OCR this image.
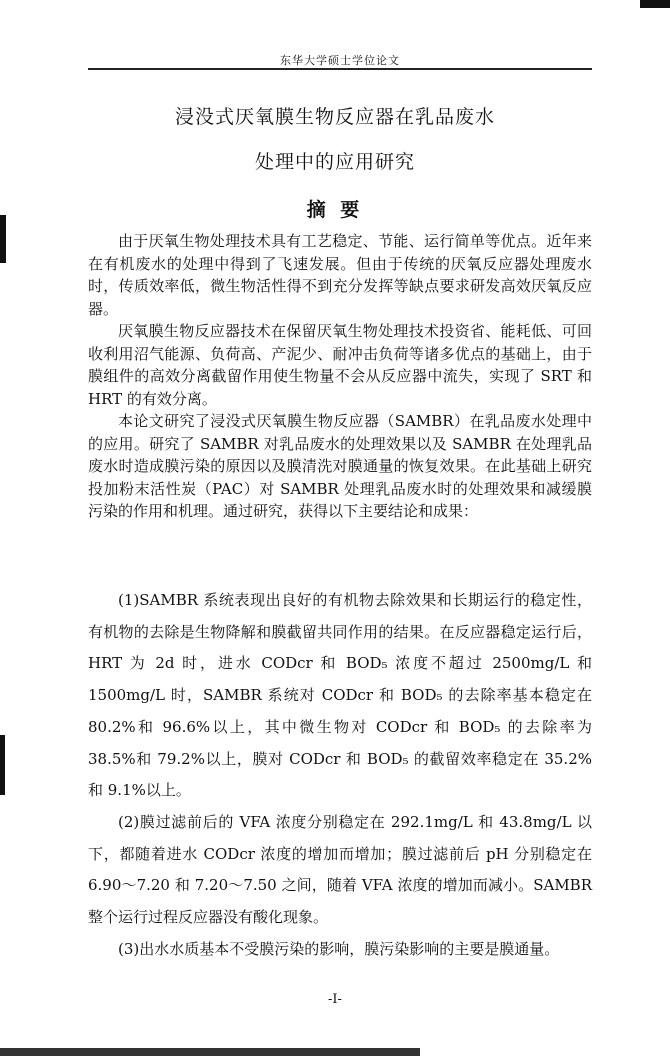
东华大学硕士学位论文
浸没式厌氧膜生物反应器在乳品废水
处理中的应用研究
摘 要

由于厌氧生物处理技术具有工艺稳定、节能、运行简单等优点。近年来在有机废水的处理中得到了飞速发展。但由于传统的厌氧反应器处理废水时，传质效率低，微生物活性得不到充分发挥等缺点要求研发高效厌氧反应器。

厌氧膜生物反应器技术在保留厌氧生物处理技术投资省、能耗低、可回收利用沼气能源、负荷高、产泥少、耐冲击负荷等诸多优点的基础上，由于膜组件的高效分离截留作用使生物量不会从反应器中流失，实现了 SRT 和 HRT 的有效分离。

本论文研究了浸没式厌氧膜生物反应器（SAMBR）在乳品废水处理中的应用。研究了 SAMBR 对乳品废水的处理效果以及 SAMBR 在处理乳品废水时造成膜污染的原因以及膜清洗对膜通量的恢复效果。在此基础上研究投加粉末活性炭（PAC）对 SAMBR 处理乳品废水时的处理效果和减缓膜污染的作用和机理。通过研究，获得以下主要结论和成果：

(1)SAMBR 系统表现出良好的有机物去除效果和长期运行的稳定性，有机物的去除是生物降解和膜截留共同作用的结果。在反应器稳定运行后，HRT 为 2d 时，进水 CODcr 和 BOD₅ 浓度不超过 2500mg/L 和 1500mg/L 时，SAMBR 系统对 CODcr 和 BOD₅ 的去除率基本稳定在 80.2%和 96.6%以上，其中微生物对 CODcr 和 BOD₅ 的去除率为 38.5%和 79.2%以上，膜对 CODcr 和 BOD₅ 的截留效率稳定在 35.2%和 9.1%以上。

(2)膜过滤前后的 VFA 浓度分别稳定在 292.1mg/L 和 43.8mg/L 以下，都随着进水 CODcr 浓度的增加而增加；膜过滤前后 pH 分别稳定在 6.90～7.20 和 7.20～7.50 之间，随着 VFA 浓度的增加而减小。SAMBR 整个运行过程反应器没有酸化现象。

(3)出水水质基本不受膜污染的影响，膜污染影响的主要是膜通量。

-I-
